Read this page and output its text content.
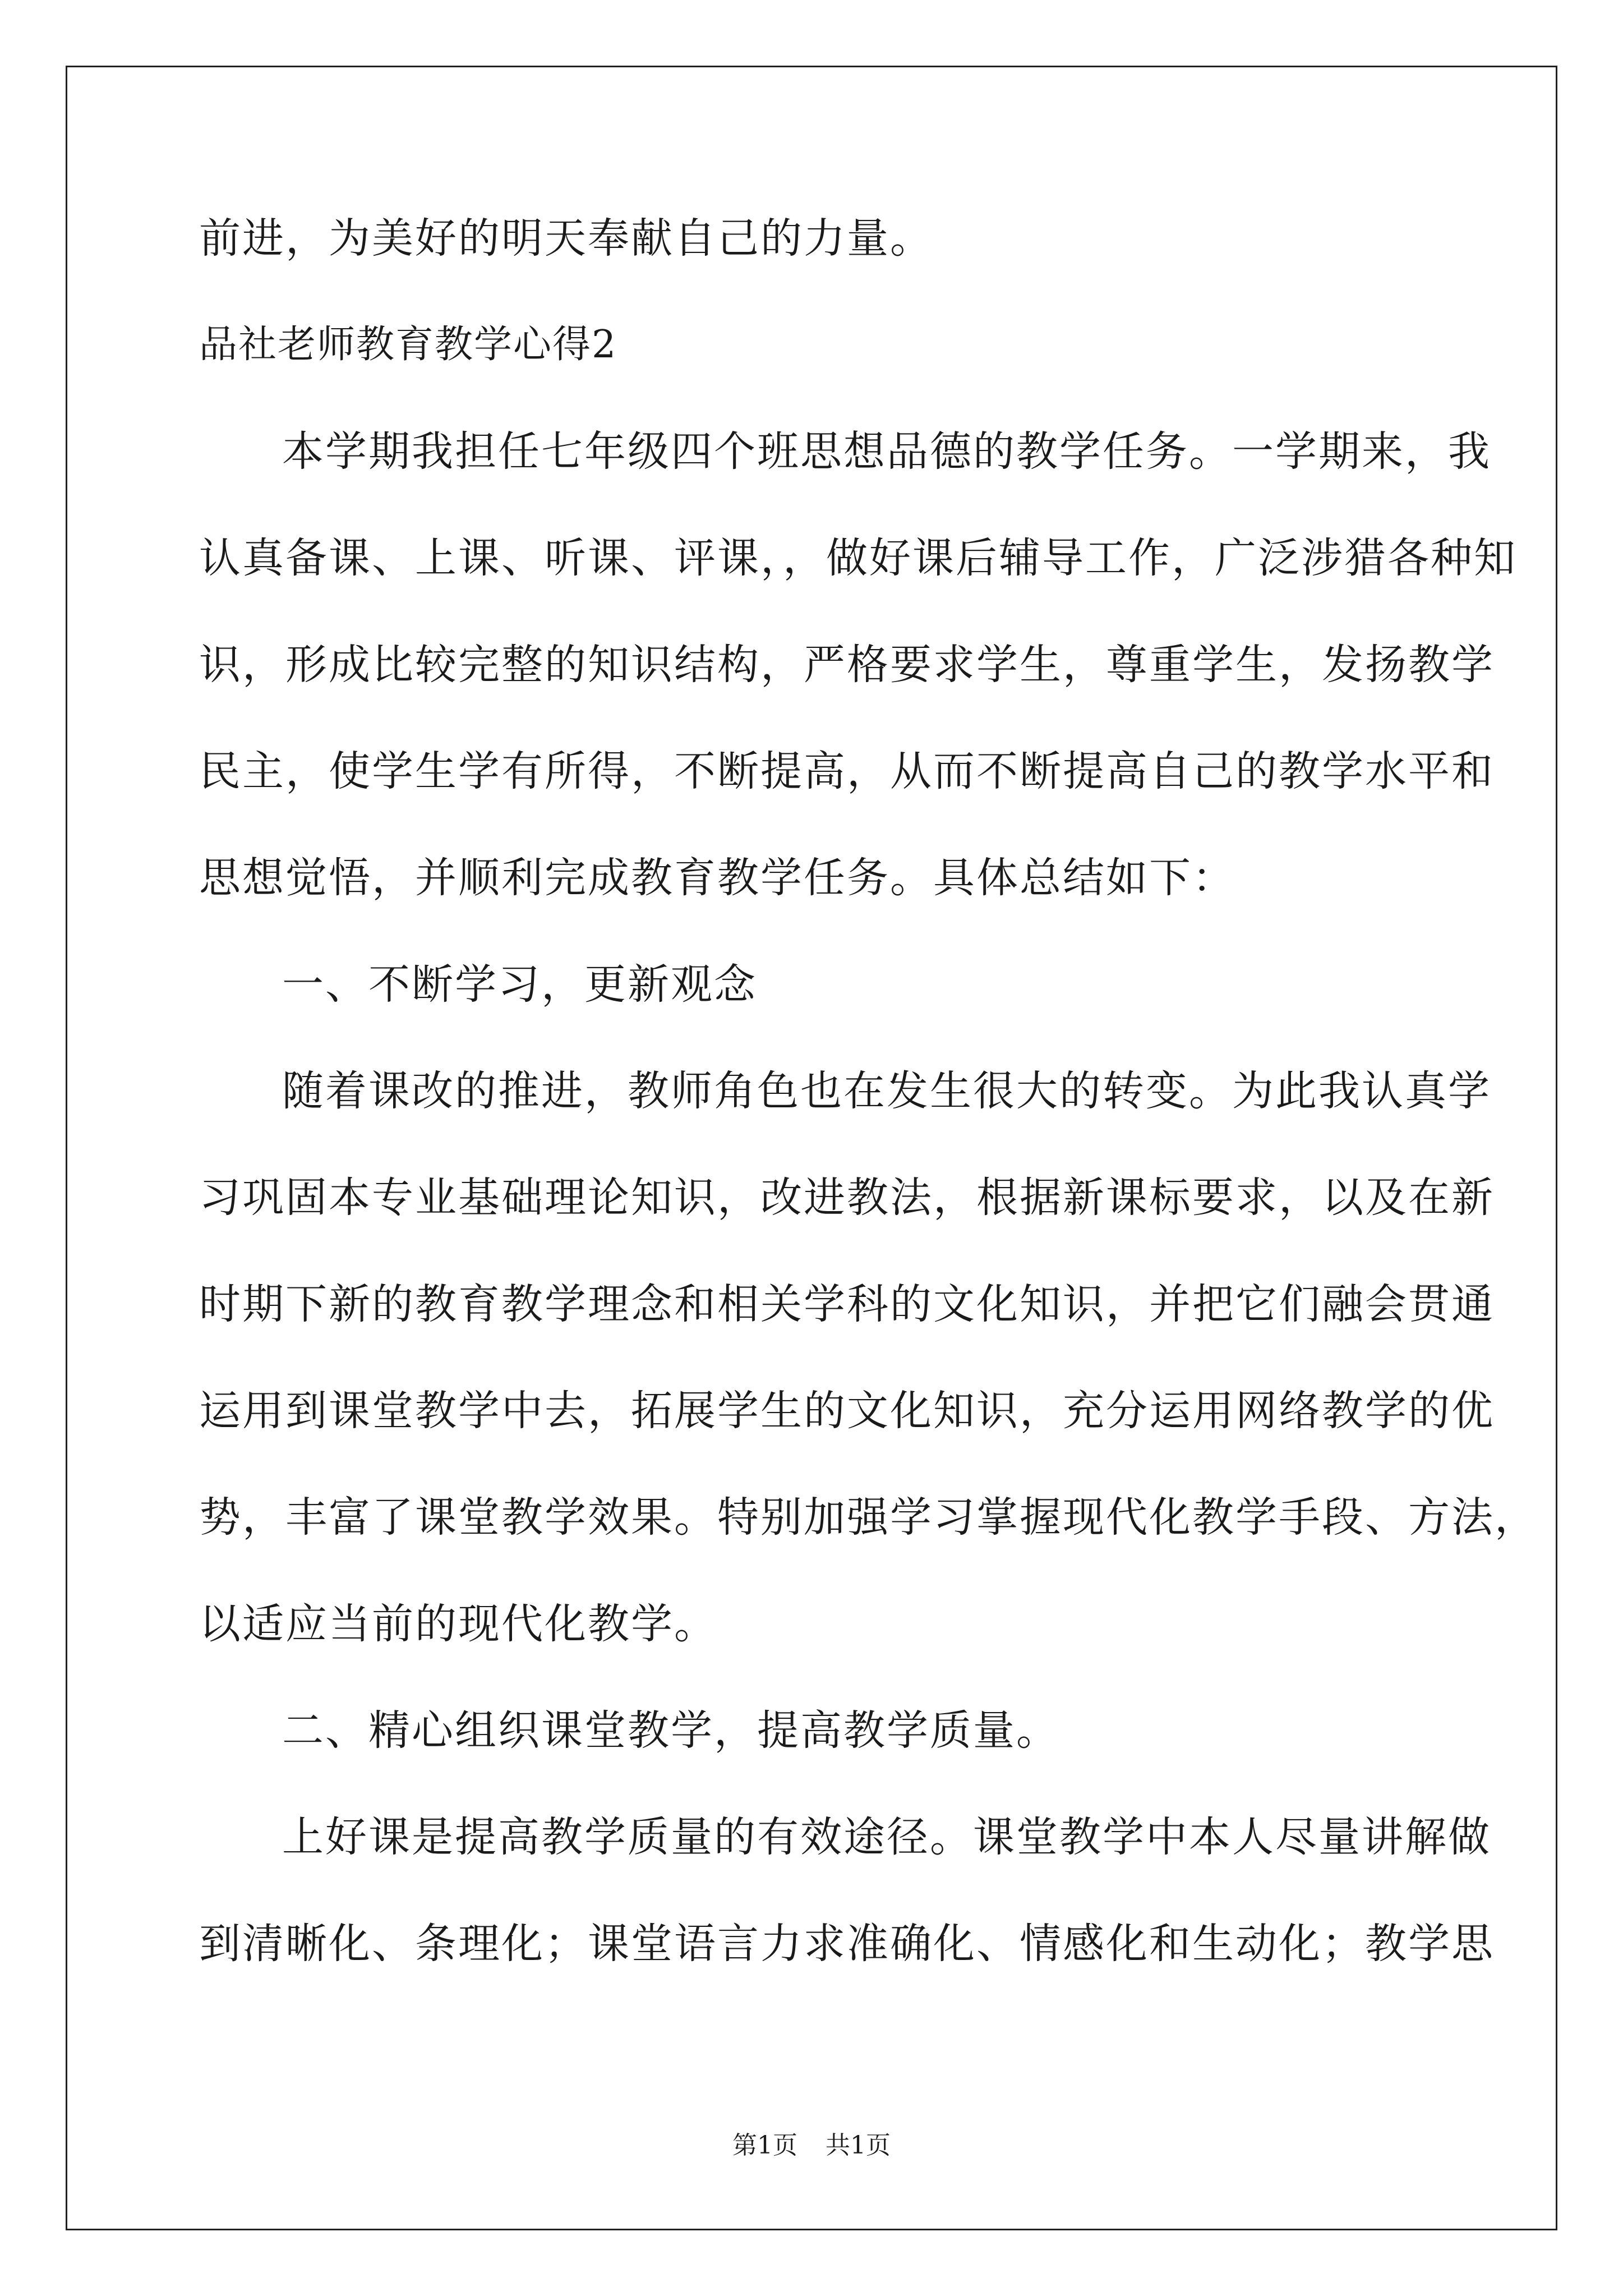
前进，为美好的明天奉献自己的力量。
品社老师教育教学心得2
本学期我担任七年级四个班思想品德的教学任务。一学期来，我
认真备课、上课、听课、评课，，做好课后辅导工作，广泛涉猎各种知
识，形成比较完整的知识结构，严格要求学生，尊重学生，发扬教学
民主，使学生学有所得，不断提高，从而不断提高自己的教学水平和
思想觉悟，并顺利完成教育教学任务。具体总结如下：
一、不断学习，更新观念
随着课改的推进，教师角色也在发生很大的转变。为此我认真学
习巩固本专业基础理论知识，改进教法，根据新课标要求，以及在新
时期下新的教育教学理念和相关学科的文化知识，并把它们融会贯通
运用到课堂教学中去，拓展学生的文化知识，充分运用网络教学的优
势，丰富了课堂教学效果。特别加强学习掌握现代化教学手段、方法，
以适应当前的现代化教学。
二、精心组织课堂教学，提高教学质量。
上好课是提高教学质量的有效途径。课堂教学中本人尽量讲解做
到清晰化、条理化；课堂语言力求准确化、情感化和生动化；教学思
第1页 共1页
